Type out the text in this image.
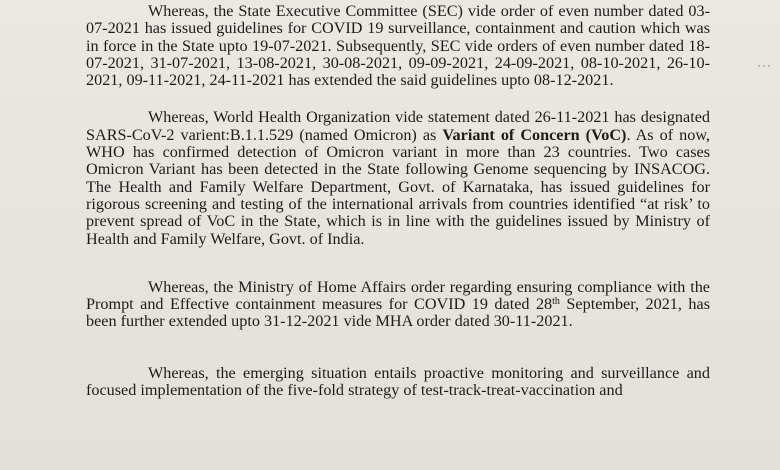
···

Whereas, the State Executive Committee (SEC) vide order of even number dated 03-07-2021 has issued guidelines for COVID 19 surveillance, containment and caution which was in force in the State upto 19-07-2021. Subsequently, SEC vide orders of even number dated 18-07-2021, 31-07-2021, 13-08-2021, 30-08-2021, 09-09-2021, 24-09-2021, 08-10-2021, 26-10-2021, 09-11-2021, 24-11-2021 has extended the said guidelines upto 08-12-2021.

Whereas, World Health Organization vide statement dated 26-11-2021 has designated SARS-CoV-2 varient:B.1.1.529 (named Omicron) as Variant of Concern (VoC). As of now, WHO has confirmed detection of Omicron variant in more than 23 countries. Two cases Omicron Variant has been detected in the State following Genome sequencing by INSACOG. The Health and Family Welfare Department, Govt. of Karnataka, has issued guidelines for rigorous screening and testing of the international arrivals from countries identified “at risk’ to prevent spread of VoC in the State, which is in line with the guidelines issued by Ministry of Health and Family Welfare, Govt. of India.

Whereas, the Ministry of Home Affairs order regarding ensuring compliance with the Prompt and Effective containment measures for COVID 19 dated 28th September, 2021, has been further extended upto 31-12-2021 vide MHA order dated 30-11-2021.

Whereas, the emerging situation entails proactive monitoring and surveillance and focused implementation of the five-fold strategy of test-track-treat-vaccination and
